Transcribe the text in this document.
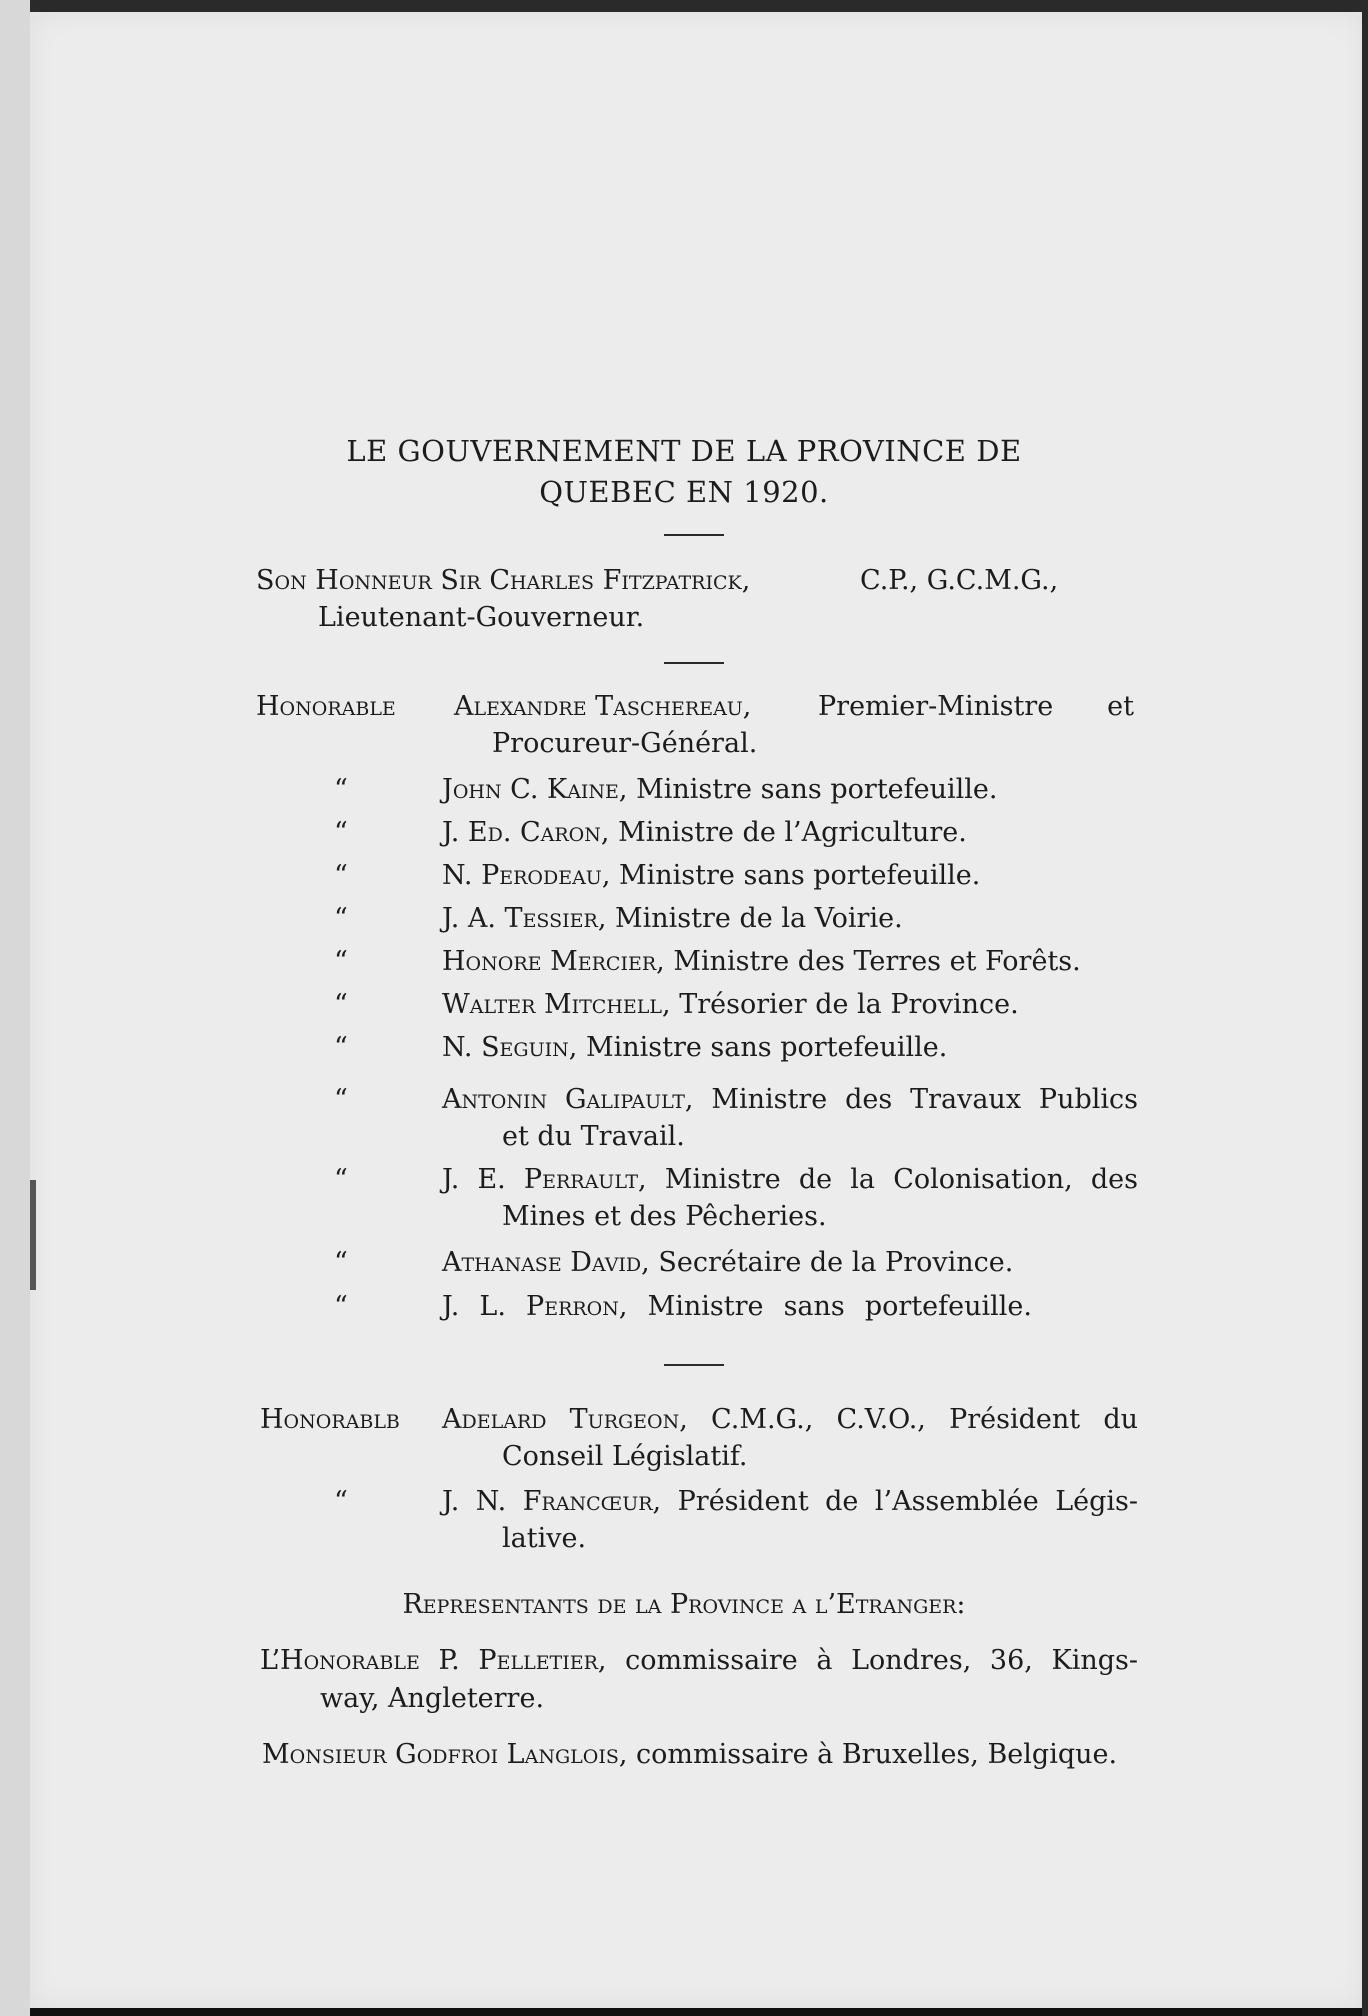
LE GOUVERNEMENT DE LA PROVINCE DE
QUEBEC EN 1920.
Son Honneur Sir Charles Fitzpatrick,	C.P., G.C.M.G.,
Lieutenant-Gouverneur.
Honorable Alexandre Taschereau, Premier-Ministre et
Procureur-Général.
“	John C. Kaine, Ministre sans portefeuille.
“	J. Ed. Caron, Ministre de l’Agriculture.
“	N. Perodeau, Ministre sans portefeuille.
“	J. A. Tessier, Ministre de la Voirie.
“	Honore Mercier, Ministre des Terres et Forêts.
“	Walter Mitchell, Trésorier de la Province.
“	N. Seguin, Ministre sans portefeuille.
“	Antonin Galipault, Ministre des Travaux Publics
et du Travail.
“	J. E. Perrault, Ministre de la Colonisation, des
Mines et des Pêcheries.
“	Athanase David, Secrétaire de la Province.
“	J. L. Perron, Ministre sans portefeuille.
Honorablв Adelard Turgeon, C.M.G., C.V.O., Président du
Conseil Législatif.
“	J. N. Francœur, Président de l’Assemblée Légis-
lative.
Representants de la Province a l’Etranger:
L’Honorable P. Pelletier, commissaire à Londres, 36, Kings-
way, Angleterre.
Monsieur Godfroi Langlois, commissaire à Bruxelles, Belgique.
